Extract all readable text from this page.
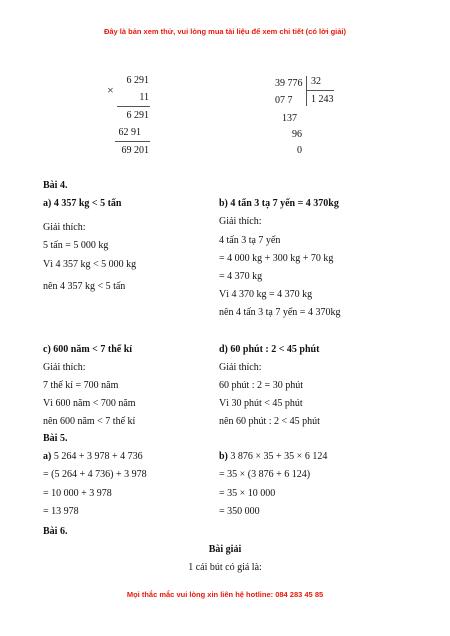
Đây là bản xem thử, vui lòng mua tài liệu để xem chi tiết (có lời giải)
×
6 291
11
6 291
62 91
69 201
39 776 32
1 243
07 7
137
96
0
Bài 4.
a) 4 357 kg < 5 tấn
Giải thích:
5 tấn = 5 000 kg
Vì 4 357 kg < 5 000 kg
nên 4 357 kg < 5 tấn
b) 4 tấn 3 tạ 7 yến = 4 370kg
Giải thích:
4 tấn 3 tạ 7 yến
= 4 000 kg + 300 kg + 70 kg
= 4 370 kg
Vì 4 370 kg = 4 370 kg
nên 4 tấn 3 tạ 7 yến = 4 370kg
c) 600 năm < 7 thế kỉ
Giải thích:
7 thế kỉ = 700 năm
Vì 600 năm < 700 năm
nên 600 năm < 7 thế kỉ
d) 60 phút : 2 < 45 phút
Giải thích:
60 phút : 2 = 30 phút
Vì 30 phút < 45 phút
nên 60 phút : 2 < 45 phút
Bài 5.
a) 5 264 + 3 978 + 4 736
= (5 264 + 4 736) + 3 978
= 10 000 + 3 978
= 13 978
b) 3 876 × 35 + 35 × 6 124
= 35 × (3 876 + 6 124)
= 35 × 10 000
= 350 000
Bài 6.
Bài giải
1 cái bút có giá là:
Mọi thắc mắc vui lòng xin liên hệ hotline: 084 283 45 85
